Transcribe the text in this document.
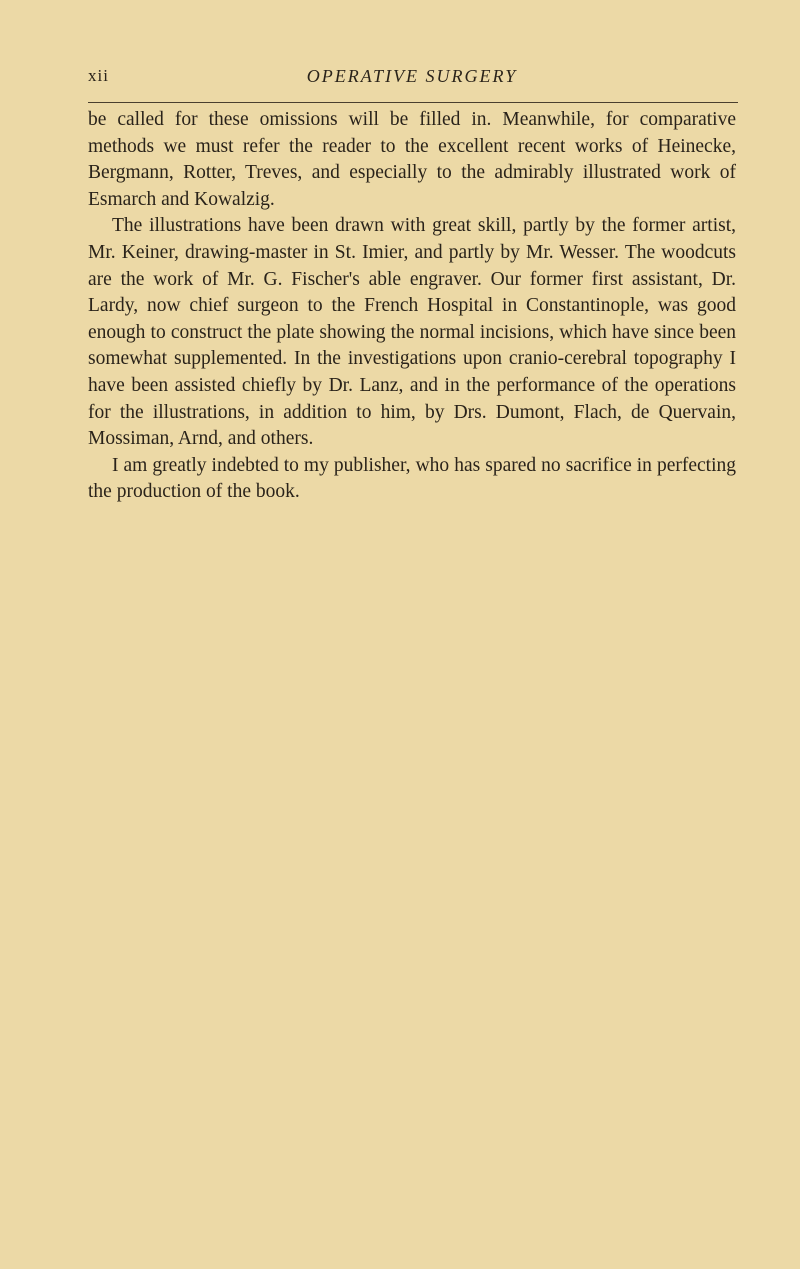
xii	OPERATIVE SURGERY

be called for these omissions will be filled in. Meanwhile, for comparative methods we must refer the reader to the excellent recent works of Heinecke, Bergmann, Rotter, Treves, and especially to the admirably illustrated work of Esmarch and Kowalzig.

The illustrations have been drawn with great skill, partly by the former artist, Mr. Keiner, drawing-master in St. Imier, and partly by Mr. Wesser. The woodcuts are the work of Mr. G. Fischer's able engraver. Our former first assistant, Dr. Lardy, now chief surgeon to the French Hospital in Constantinople, was good enough to construct the plate showing the normal incisions, which have since been somewhat supplemented. In the investigations upon cranio-cerebral topography I have been assisted chiefly by Dr. Lanz, and in the performance of the operations for the illustrations, in addition to him, by Drs. Dumont, Flach, de Quervain, Mossiman, Arnd, and others.

I am greatly indebted to my publisher, who has spared no sacrifice in perfecting the production of the book.
